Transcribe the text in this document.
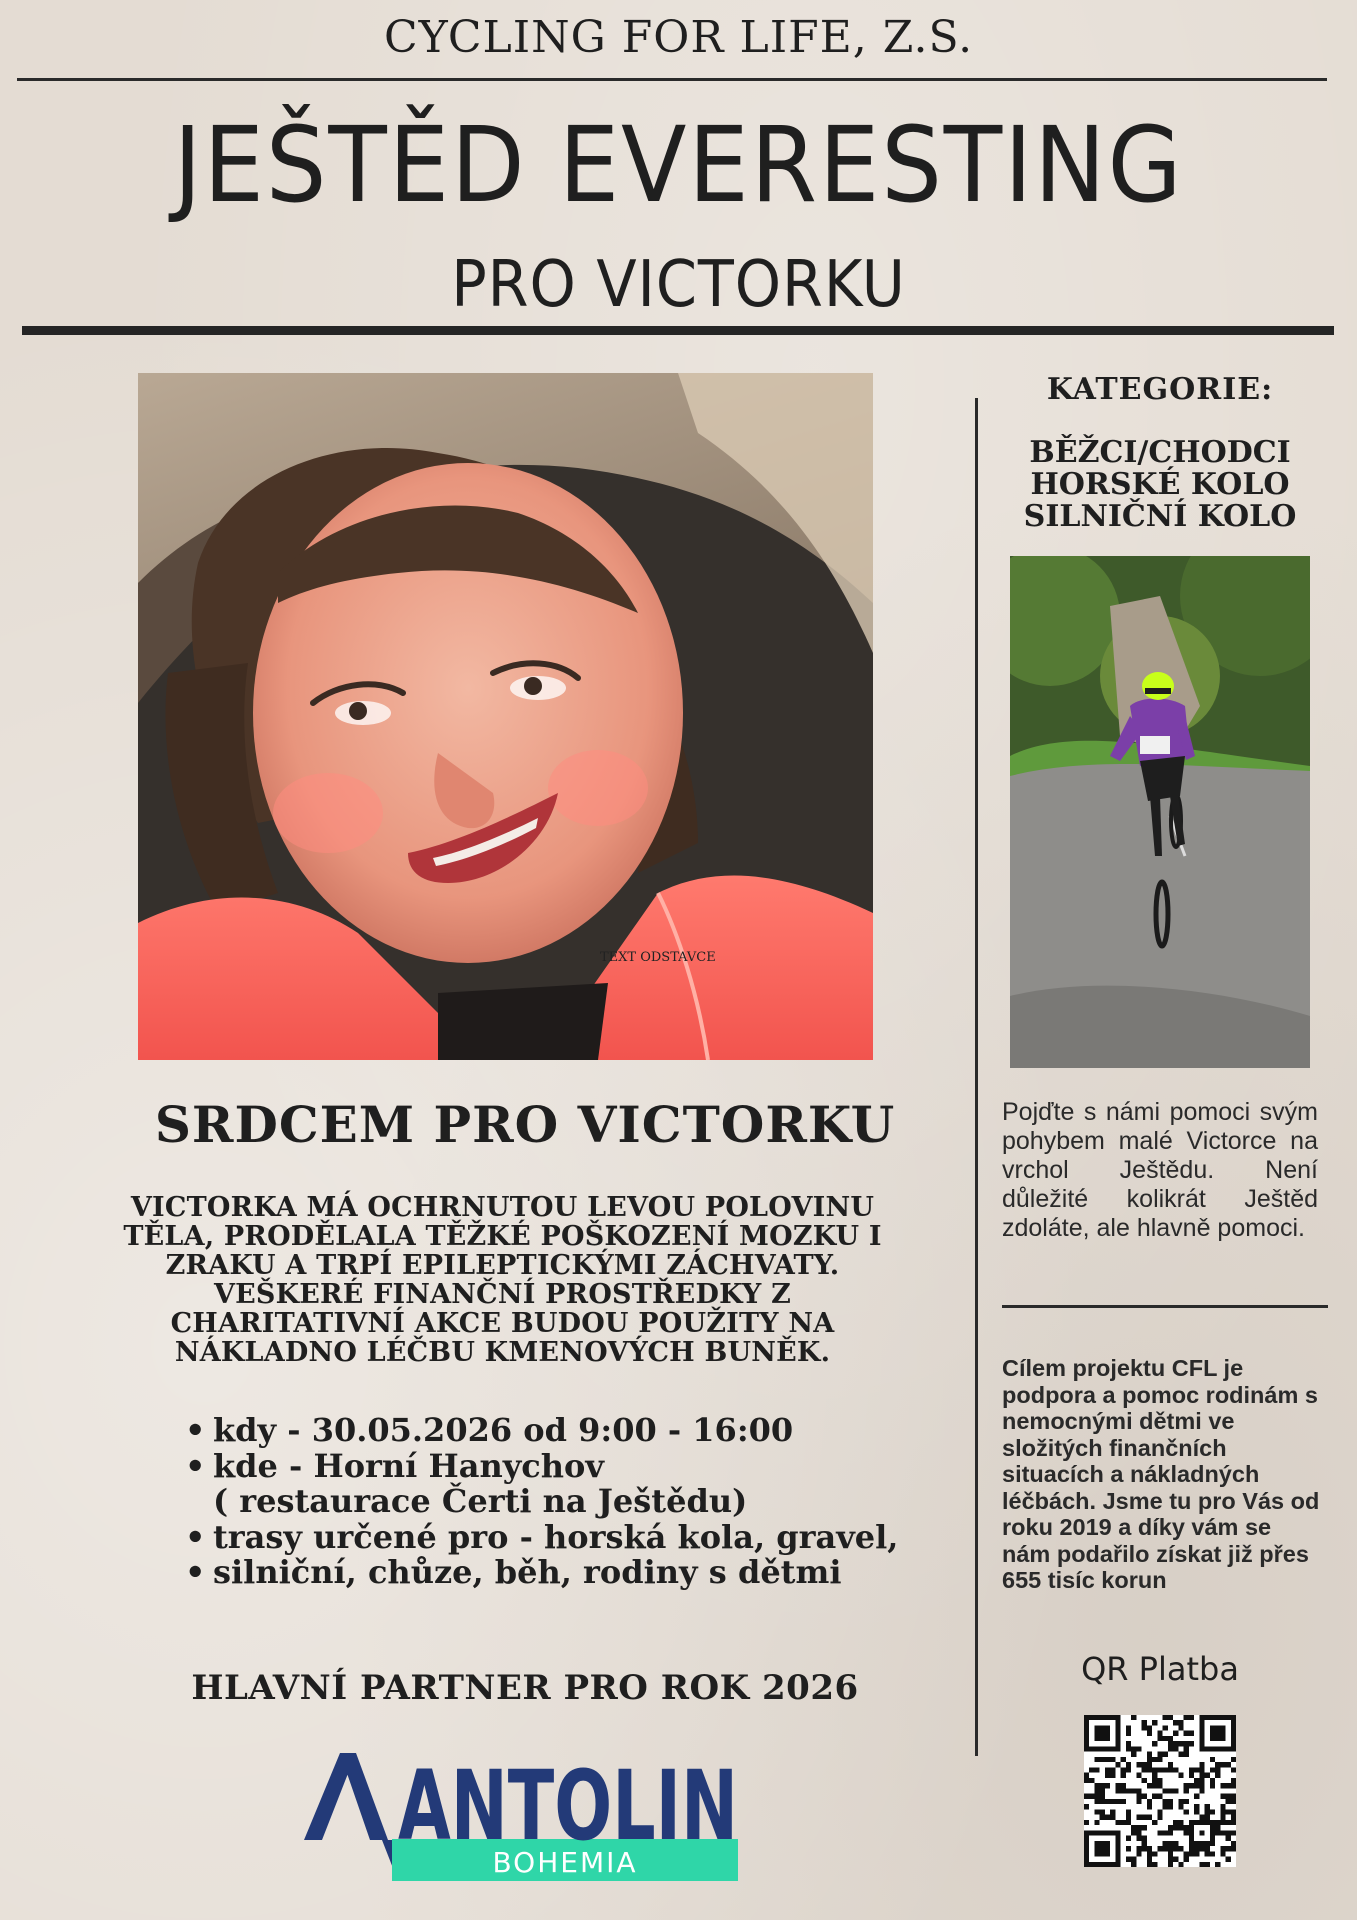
CYCLING FOR LIFE, Z.S.
JEŠTĚD EVERESTING
PRO VICTORKU
TEXT ODSTAVCE
KATEGORIE:
BĚŽCI/CHODCI
HORSKÉ KOLO
SILNIČNÍ KOLO
Pojďte s námi pomoci svým pohybem malé Victorce na vrchol Ještědu. Není důležité kolikrát Ještěd zdoláte, ale hlavně pomoci.
Cílem projektu CFL je podpora a pomoc rodinám s nemocnými dětmi ve složitých finančních situacích a nákladných léčbách. Jsme tu pro Vás od roku 2019 a díky vám se nám podařilo získat již přes 655 tisíc korun
QR Platba
SRDCEM PRO VICTORKU
VICTORKA MÁ OCHRNUTOU LEVOU POLOVINU
TĚLA, PRODĚLALA TĚŽKÉ POŠKOZENÍ MOZKU I
ZRAKU A TRPÍ EPILEPTICKÝMI ZÁCHVATY.
VEŠKERÉ FINANČNÍ PROSTŘEDKY Z
CHARITATIVNÍ AKCE BUDOU POUŽITY NA
NÁKLADNO LÉČBU KMENOVÝCH BUNĚK.
• kdy - 30.05.2026 od 9:00 - 16:00
• kde - Horní Hanychov
( restaurace Čerti na Ještědu)
• trasy určené pro - horská kola, gravel,
• silniční, chůze, běh, rodiny s dětmi
HLAVNÍ PARTNER PRO ROK 2026
ANTOLIN
BOHEMIA
